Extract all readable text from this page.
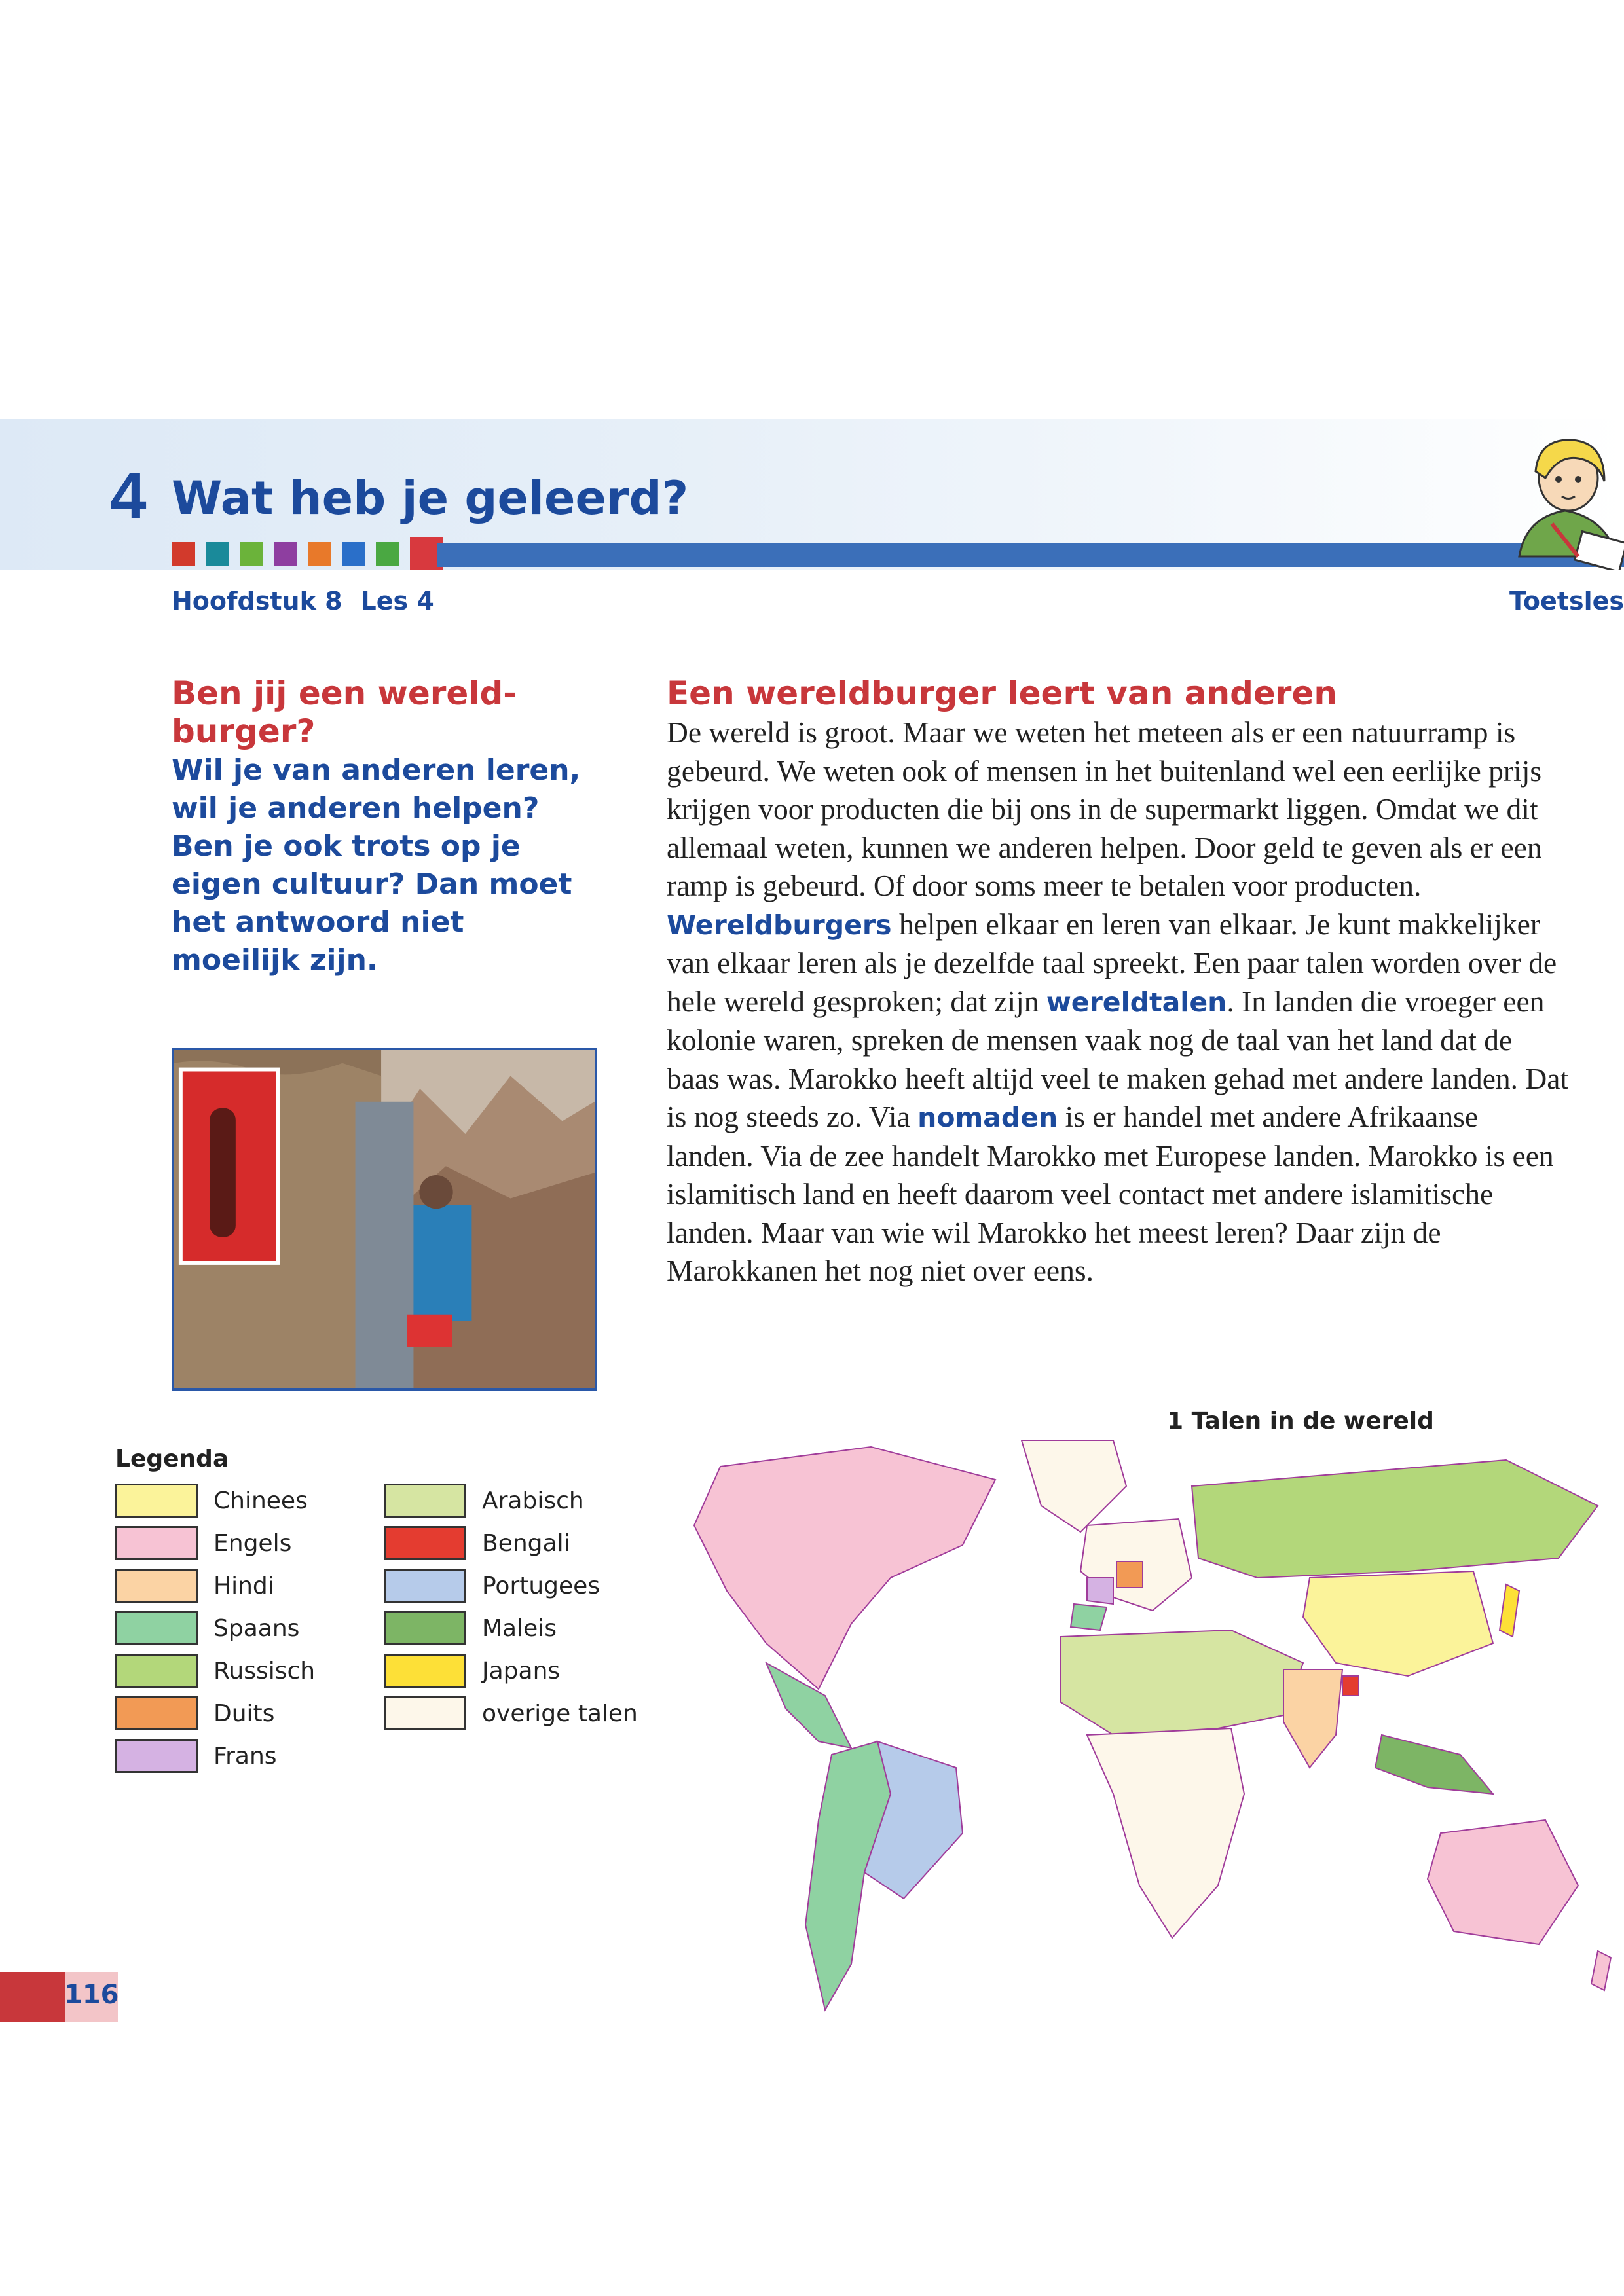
4 Wat heb je geleerd?
Hoofdstuk 8 Les 4	Toetsles
Ben jij een wereld-burger?
Wil je van anderen leren, wil je anderen helpen? Ben je ook trots op je eigen cultuur? Dan moet het antwoord niet moeilijk zijn.
Een wereldburger leert van anderen

De wereld is groot. Maar we weten het meteen als er een natuurramp is gebeurd. We weten ook of mensen in het buitenland wel een eerlijke prijs krijgen voor producten die bij ons in de supermarkt liggen. Omdat we dit allemaal weten, kunnen we anderen helpen. Door geld te geven als er een ramp is gebeurd. Of door soms meer te betalen voor producten. Wereldburgers helpen elkaar en leren van elkaar. Je kunt makkelijker van elkaar leren als je dezelfde taal spreekt. Een paar talen worden over de hele wereld gesproken; dat zijn wereldtalen. In landen die vroeger een kolonie waren, spreken de mensen vaak nog de taal van het land dat de baas was. Marokko heeft altijd veel te maken gehad met andere landen. Dat is nog steeds zo. Via nomaden is er handel met andere Afrikaanse landen. Via de zee handelt Marokko met Europese landen. Marokko is een islamitisch land en heeft daarom veel contact met andere islamitische landen. Maar van wie wil Marokko het meest leren? Daar zijn de Marokkanen het nog niet over eens.

1 Talen in de wereld
Legenda
Chinees
Engels
Hindi
Spaans
Russisch
Duits
Frans
Arabisch
Bengali
Portugees
Maleis
Japans
overige talen
116
